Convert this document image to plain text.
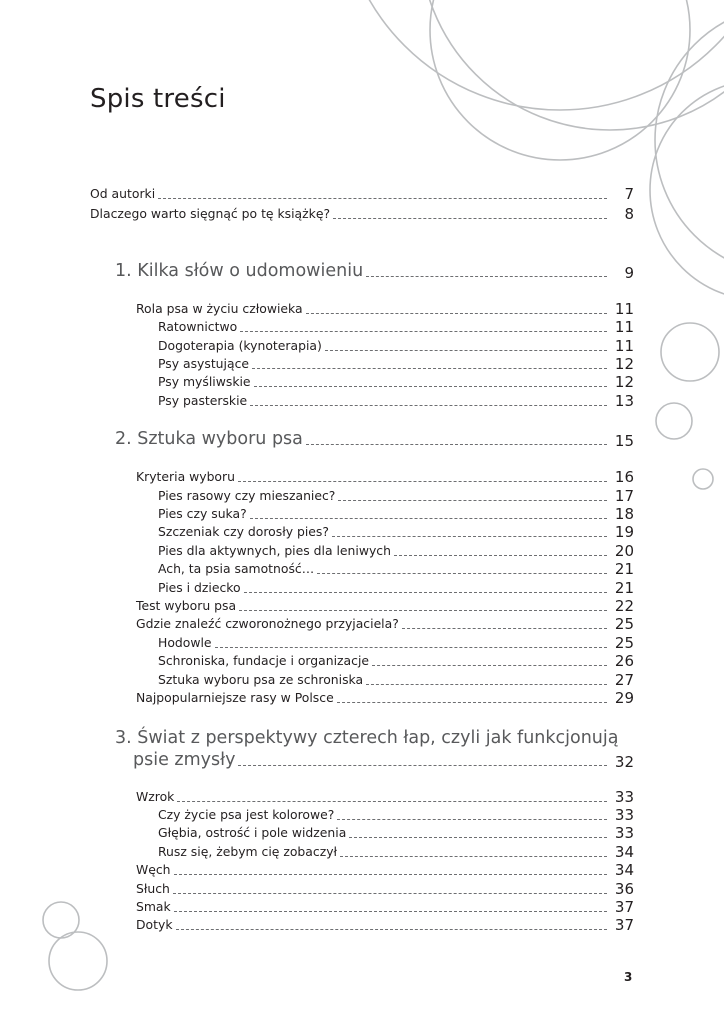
Spis treści
Od autorki	7
Dlaczego warto sięgnąć po tę książkę?	8
1. Kilka słów o udomowieniu	9
Rola psa w życiu człowieka	11
Ratownictwo	11
Dogoterapia (kynoterapia)	11
Psy asystujące	12
Psy myśliwskie	12
Psy pasterskie	13
2. Sztuka wyboru psa	15
Kryteria wyboru	16
Pies rasowy czy mieszaniec?	17
Pies czy suka?	18
Szczeniak czy dorosły pies?	19
Pies dla aktywnych, pies dla leniwych	20
Ach, ta psia samotność…	21
Pies i dziecko	21
Test wyboru psa	22
Gdzie znaleźć czworonożnego przyjaciela?	25
Hodowle	25
Schroniska, fundacje i organizacje	26
Sztuka wyboru psa ze schroniska	27
Najpopularniejsze rasy w Polsce	29
3. Świat z perspektywy czterech łap, czyli jak funkcjonują
psie zmysły	32
Wzrok	33
Czy życie psa jest kolorowe?	33
Głębia, ostrość i pole widzenia	33
Rusz się, żebym cię zobaczył	34
Węch	34
Słuch	36
Smak	37
Dotyk	37
3
